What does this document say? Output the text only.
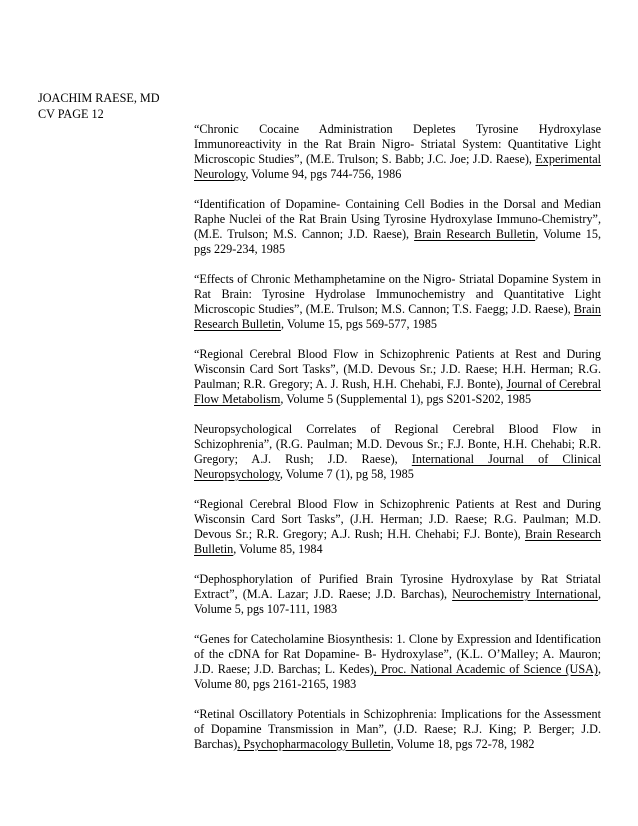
JOACHIM RAESE, MD
CV PAGE 12

“Chronic Cocaine Administration Depletes Tyrosine Hydroxylase Immunoreactivity in the Rat Brain Nigro- Striatal System: Quantitative Light Microscopic Studies”, (M.E. Trulson; S. Babb; J.C. Joe; J.D. Raese), Experimental Neurology, Volume 94, pgs 744-756, 1986

“Identification of Dopamine- Containing Cell Bodies in the Dorsal and Median Raphe Nuclei of the Rat Brain Using Tyrosine Hydroxylase Immuno-Chemistry”, (M.E. Trulson; M.S. Cannon; J.D. Raese), Brain Research Bulletin, Volume 15, pgs 229-234, 1985

“Effects of Chronic Methamphetamine on the Nigro- Striatal Dopamine System in Rat Brain: Tyrosine Hydrolase Immunochemistry and Quantitative Light Microscopic Studies”, (M.E. Trulson; M.S. Cannon; T.S. Faegg; J.D. Raese), Brain Research Bulletin, Volume 15, pgs 569-577, 1985

“Regional Cerebral Blood Flow in Schizophrenic Patients at Rest and During Wisconsin Card Sort Tasks”, (M.D. Devous Sr.; J.D. Raese; H.H. Herman; R.G. Paulman; R.R. Gregory; A. J. Rush, H.H. Chehabi, F.J. Bonte), Journal of Cerebral Flow Metabolism, Volume 5 (Supplemental 1), pgs S201-S202, 1985

Neuropsychological Correlates of Regional Cerebral Blood Flow in Schizophrenia”, (R.G. Paulman; M.D. Devous Sr.; F.J. Bonte, H.H. Chehabi; R.R. Gregory; A.J. Rush; J.D. Raese), International Journal of Clinical Neuropsychology, Volume 7 (1), pg 58, 1985

“Regional Cerebral Blood Flow in Schizophrenic Patients at Rest and During Wisconsin Card Sort Tasks”, (J.H. Herman; J.D. Raese; R.G. Paulman; M.D. Devous Sr.; R.R. Gregory; A.J. Rush; H.H. Chehabi; F.J. Bonte), Brain Research Bulletin, Volume 85, 1984

“Dephosphorylation of Purified Brain Tyrosine Hydroxylase by Rat Striatal Extract”, (M.A. Lazar; J.D. Raese; J.D. Barchas), Neurochemistry International, Volume 5, pgs 107-111, 1983

“Genes for Catecholamine Biosynthesis: 1. Clone by Expression and Identification of the cDNA for Rat Dopamine- B- Hydroxylase”, (K.L. O’Malley; A. Mauron; J.D. Raese; J.D. Barchas; L. Kedes), Proc. National Academic of Science (USA), Volume 80, pgs 2161-2165, 1983

“Retinal Oscillatory Potentials in Schizophrenia: Implications for the Assessment of Dopamine Transmission in Man”, (J.D. Raese; R.J. King; P. Berger; J.D. Barchas), Psychopharmacology Bulletin, Volume 18, pgs 72-78, 1982
